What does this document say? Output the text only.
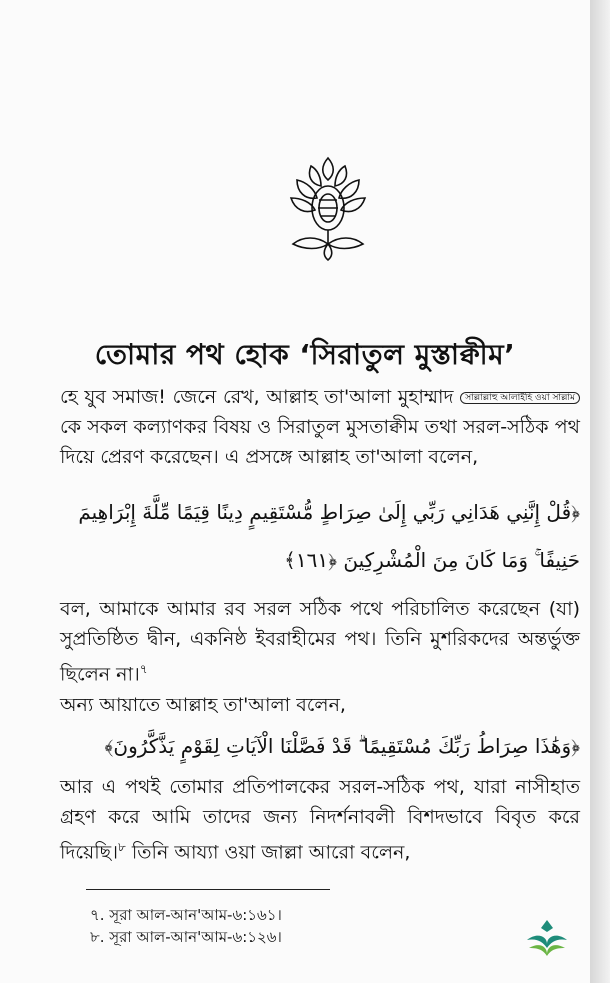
তোমার পথ হোক ‘সিরাতুল মুস্তাক্বীম’
হে যুব সমাজ! জেনে রেখ, আল্লাহ তা'আলা মুহাম্মাদ সাল্লাল্লাহু আলাইহি ওয়া সাল্লাম কে সকল কল্যাণকর বিষয় ও সিরাতুল মুসতাক্বীম তথা সরল-সঠিক পথ দিয়ে প্রেরণ করেছেন। এ প্রসঙ্গে আল্লাহ তা'আলা বলেন,
﴿قُلْ إِنَّنِي هَدَانِي رَبِّي إِلَىٰ صِرَاطٍ مُّسْتَقِيمٍ دِينًا قِيَمًا مِّلَّةَ إِبْرَاهِيمَ حَنِيفًا ۚ وَمَا كَانَ مِنَ الْمُشْرِكِينَ ﴿١٦١﴾
বল, আমাকে আমার রব সরল সঠিক পথে পরিচালিত করেছেন (যা) সুপ্রতিষ্ঠিত দ্বীন, একনিষ্ঠ ইবরাহীমের পথ। তিনি মুশরিকদের অন্তর্ভুক্ত ছিলেন না।$^৭$
অন্য আয়াতে আল্লাহ তা'আলা বলেন,
﴿وَهَٰذَا صِرَاطُ رَبِّكَ مُسْتَقِيمًا ۗ قَدْ فَصَّلْنَا الْآيَاتِ لِقَوْمٍ يَذَّكَّرُونَ﴾
আর এ পথই তোমার প্রতিপালকের সরল-সঠিক পথ, যারা নাসীহাত গ্রহণ করে আমি তাদের জন্য নিদর্শনাবলী বিশদভাবে বিবৃত করে দিয়েছি।$^৮$ তিনি আয্যা ওয়া জাল্লা আরো বলেন,
৭. সূরা আল-আন'আম-৬:১৬১।
৮. সূরা আল-আন'আম-৬:১২৬।
